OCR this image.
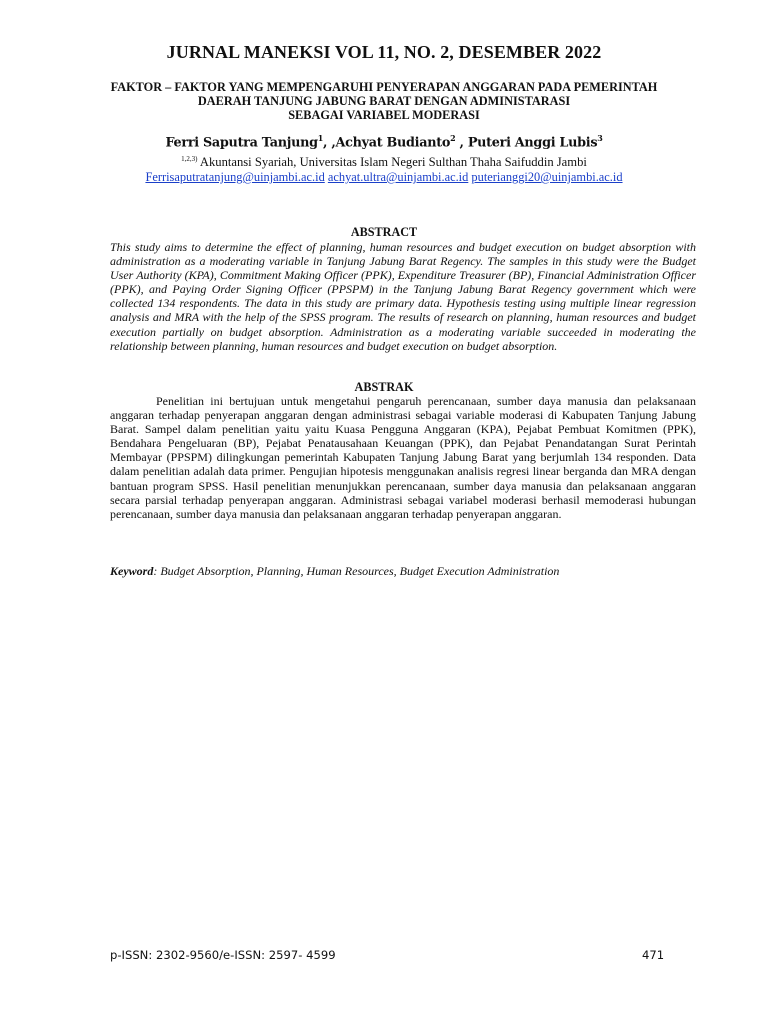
JURNAL MANEKSI VOL 11, NO. 2, DESEMBER 2022
FAKTOR – FAKTOR YANG MEMPENGARUHI PENYERAPAN ANGGARAN PADA PEMERINTAH
DAERAH TANJUNG JABUNG BARAT DENGAN ADMINISTARASI
SEBAGAI VARIABEL MODERASI
Ferri Saputra Tanjung$^1$, ,Achyat Budianto$^2$ , Puteri Anggi Lubis$^3$
$^{1,2,3)}$ Akuntansi Syariah, Universitas Islam Negeri Sulthan Thaha Saifuddin Jambi
Ferrisaputratanjung@uinjambi.ac.id achyat.ultra@uinjambi.ac.id puterianggi20@uinjambi.ac.id
ABSTRACT
This study aims to determine the effect of planning, human resources and budget execution on budget absorption with administration as a moderating variable in Tanjung Jabung Barat Regency. The samples in this study were the Budget User Authority (KPA), Commitment Making Officer (PPK), Expenditure Treasurer (BP), Financial Administration Officer (PPK), and Paying Order Signing Officer (PPSPM) in the Tanjung Jabung Barat Regency government which were collected 134 respondents. The data in this study are primary data. Hypothesis testing using multiple linear regression analysis and MRA with the help of the SPSS program. The results of research on planning, human resources and budget execution partially on budget absorption. Administration as a moderating variable succeeded in moderating the relationship between planning, human resources and budget execution on budget absorption.
ABSTRAK
Penelitian ini bertujuan untuk mengetahui pengaruh perencanaan, sumber daya manusia dan pelaksanaan anggaran terhadap penyerapan anggaran dengan administrasi sebagai variable moderasi di Kabupaten Tanjung Jabung Barat. Sampel dalam penelitian yaitu yaitu Kuasa Pengguna Anggaran (KPA), Pejabat Pembuat Komitmen (PPK), Bendahara Pengeluaran (BP), Pejabat Penatausahaan Keuangan (PPK), dan Pejabat Penandatangan Surat Perintah Membayar (PPSPM) dilingkungan pemerintah Kabupaten Tanjung Jabung Barat yang berjumlah 134 responden. Data dalam penelitian adalah data primer. Pengujian hipotesis menggunakan analisis regresi linear berganda dan MRA dengan bantuan program SPSS. Hasil penelitian menunjukkan perencanaan, sumber daya manusia dan pelaksanaan anggaran secara parsial terhadap penyerapan anggaran. Administrasi sebagai variabel moderasi berhasil memoderasi hubungan perencanaan, sumber daya manusia dan pelaksanaan anggaran terhadap penyerapan anggaran.
Keyword: Budget Absorption, Planning, Human Resources, Budget Execution Administration
p-ISSN: 2302-9560/e-ISSN: 2597- 4599	471
